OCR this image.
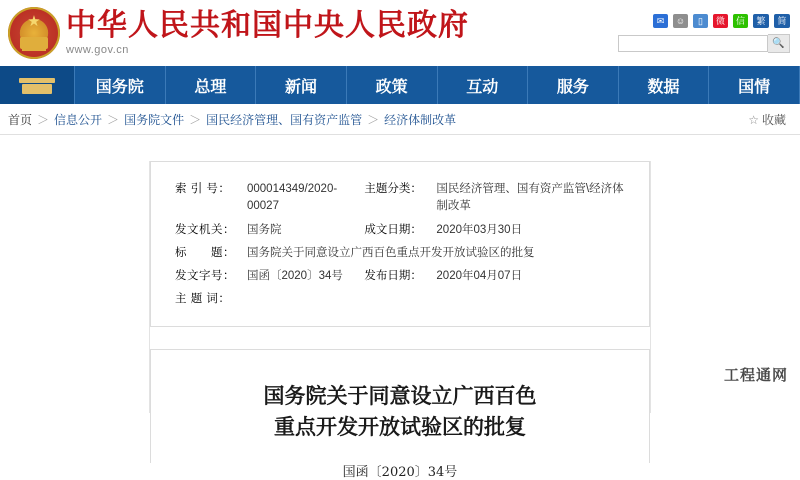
★
中华人民共和国中央人民政府
www.gov.cn
✉	☺	▯	微	信	繁	简
🔍
国务院	总理	新闻	政策	互动	服务	数据	国情
首页 ＞ 信息公开 ＞ 国务院文件 ＞ 国民经济管理、国有资产监管 ＞ 经济体制改革	☆ 收藏
索 引 号：	000014349/2020-00027	主题分类：	国民经济管理、国有资产监管\经济体制改革
发文机关：	国务院	成文日期：	2020年03月30日
标　　题：	国务院关于同意设立广西百色重点开发开放试验区的批复		
发文字号：	国函〔2020〕34号	发布日期：	2020年04月07日
主 题 词：			
国务院关于同意设立广西百色
重点开发开放试验区的批复
国函〔2020〕34号
工程通网
